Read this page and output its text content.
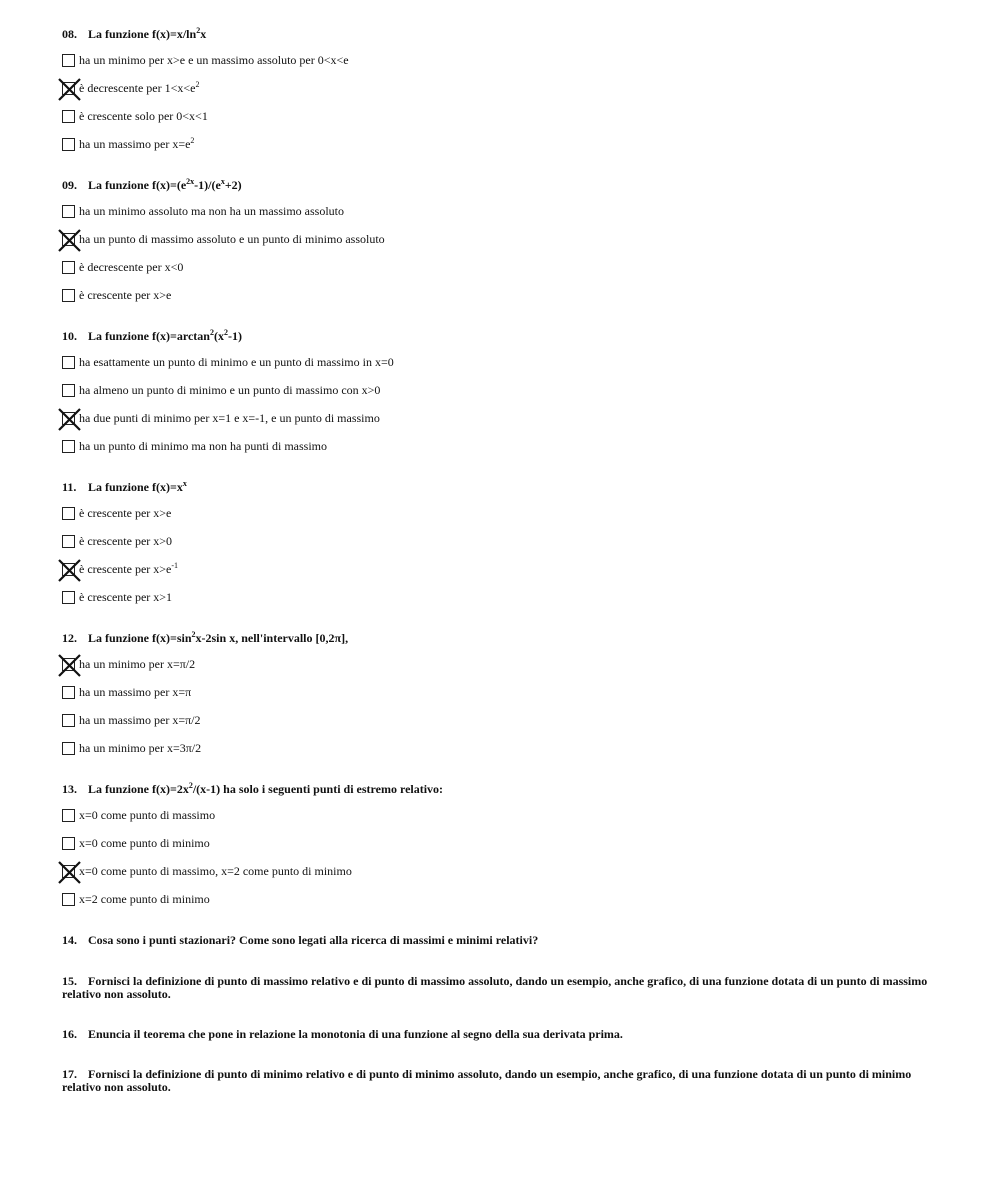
08. La funzione $f(x)=x/\ln^2x$
ha un minimo per x>e e un massimo assoluto per 0<x<e
è decrescente per $1<x<e^2$
è crescente solo per 0<x<1
ha un massimo per $x=e^2$
09. La funzione $f(x)=(e^{2x}-1)/(e^x+2)$
ha un minimo assoluto ma non ha un massimo assoluto
ha un punto di massimo assoluto e un punto di minimo assoluto
è decrescente per x<0
è crescente per x>e
10. La funzione $f(x)=\arctan^2(x^2-1)$
ha esattamente un punto di minimo e un punto di massimo in x=0
ha almeno un punto di minimo e un punto di massimo con x>0
ha due punti di minimo per x=1 e x=-1, e un punto di massimo
ha un punto di minimo ma non ha punti di massimo
11. La funzione $f(x)=x^x$
è crescente per x>e
è crescente per x>0
è crescente per $x>e^{-1}$
è crescente per x>1
12. La funzione $f(x)=\sin^2x-2\sin$ x, nell'intervallo [0,2π],
ha un minimo per x=π/2
ha un massimo per x=π
ha un massimo per x=π/2
ha un minimo per x=3π/2
13. La funzione $f(x)=2x^2/(x-1)$ ha solo i seguenti punti di estremo relativo:
x=0 come punto di massimo
x=0 come punto di minimo
x=0 come punto di massimo, x=2 come punto di minimo
x=2 come punto di minimo
14. Cosa sono i punti stazionari? Come sono legati alla ricerca di massimi e minimi relativi?
15. Fornisci la definizione di punto di massimo relativo e di punto di massimo assoluto, dando un esempio, anche grafico, di una funzione dotata di un punto di massimo relativo non assoluto.
16. Enuncia il teorema che pone in relazione la monotonia di una funzione al segno della sua derivata prima.
17. Fornisci la definizione di punto di minimo relativo e di punto di minimo assoluto, dando un esempio, anche grafico, di una funzione dotata di un punto di minimo relativo non assoluto.
